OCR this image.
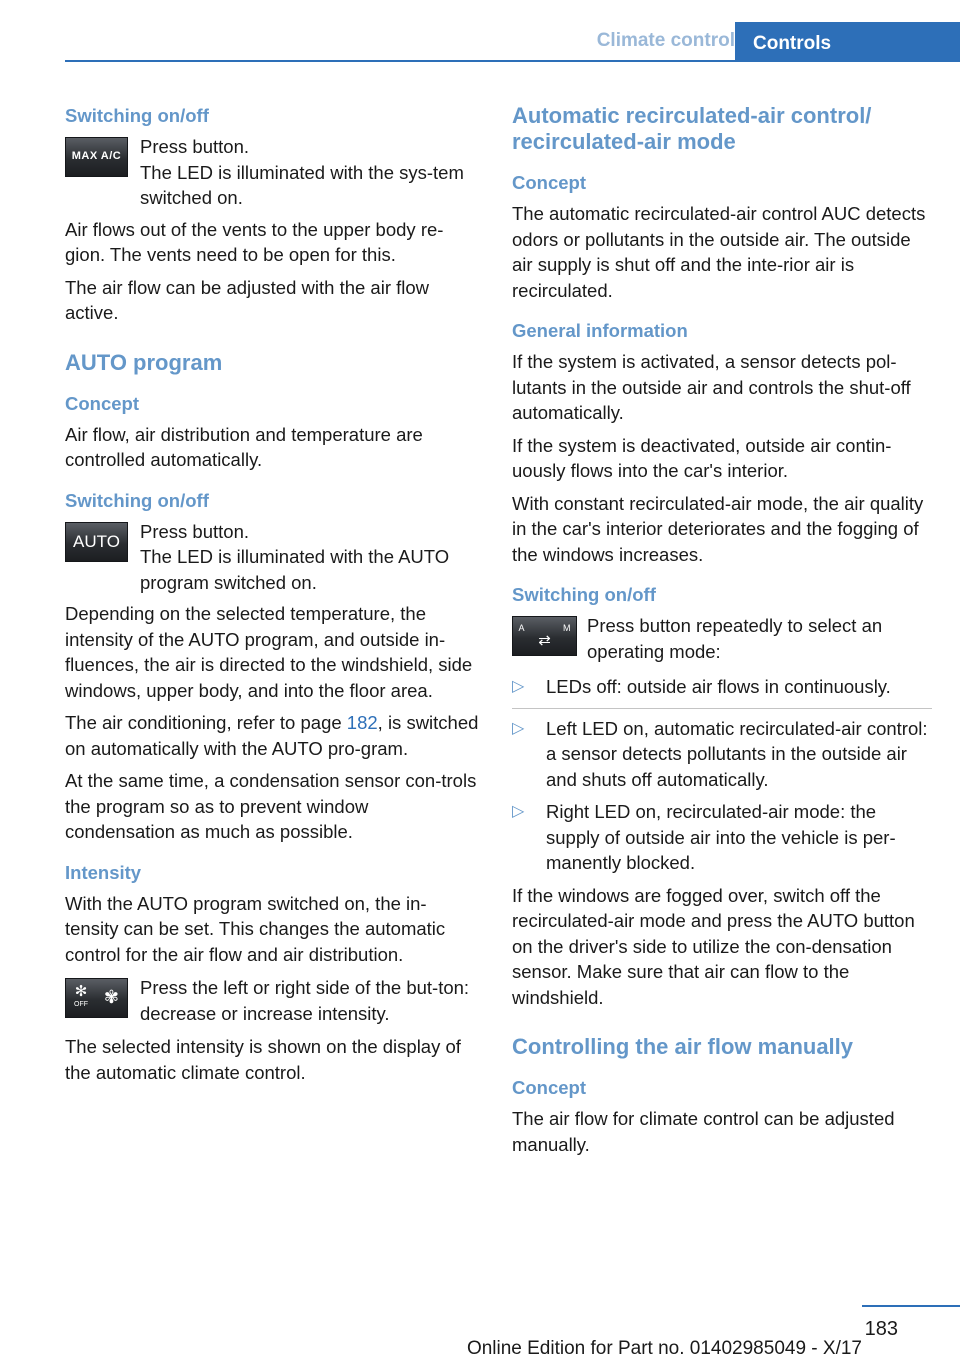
Climate control Controls
Switching on/off
MAX A/C	Press button.
The LED is illuminated with the sys-tem switched on.

Air flows out of the vents to the upper body re-gion. The vents need to be open for this.

The air flow can be adjusted with the air flow active.

AUTO program
Concept

Air flow, air distribution and temperature are controlled automatically.

Switching on/off
AUTO	Press button.
The LED is illuminated with the AUTO program switched on.

Depending on the selected temperature, the intensity of the AUTO program, and outside in-fluences, the air is directed to the windshield, side windows, upper body, and into the floor area.

The air conditioning, refer to page 182, is switched on automatically with the AUTO pro-gram.

At the same time, a condensation sensor con-trols the program so as to prevent window condensation as much as possible.

Intensity

With the AUTO program switched on, the in-tensity can be set. This changes the automatic control for the air flow and air distribution.

✻
OFF ✾	Press the left or right side of the but-ton: decrease or increase intensity.

The selected intensity is shown on the display of the automatic climate control.

Automatic recirculated-air control/ recirculated-air mode
Concept

The automatic recirculated-air control AUC detects odors or pollutants in the outside air. The outside air supply is shut off and the inte-rior air is recirculated.

General information

If the system is activated, a sensor detects pol-lutants in the outside air and controls the shut-off automatically.

If the system is deactivated, outside air contin-uously flows into the car's interior.

With constant recirculated-air mode, the air quality in the car's interior deteriorates and the fogging of the windows increases.

Switching on/off
A	M
⇄
Press button repeatedly to select an operating mode:
▷ LEDs off: outside air flows in continuously.
▷ Left LED on, automatic recirculated-air control: a sensor detects pollutants in the outside air and shuts off automatically.
▷ Right LED on, recirculated-air mode: the supply of outside air into the vehicle is per-manently blocked.

If the windows are fogged over, switch off the recirculated-air mode and press the AUTO button on the driver's side to utilize the con-densation sensor. Make sure that air can flow to the windshield.

Controlling the air flow manually
Concept

The air flow for climate control can be adjusted manually.

183
Online Edition for Part no. 01402985049 - X/17
